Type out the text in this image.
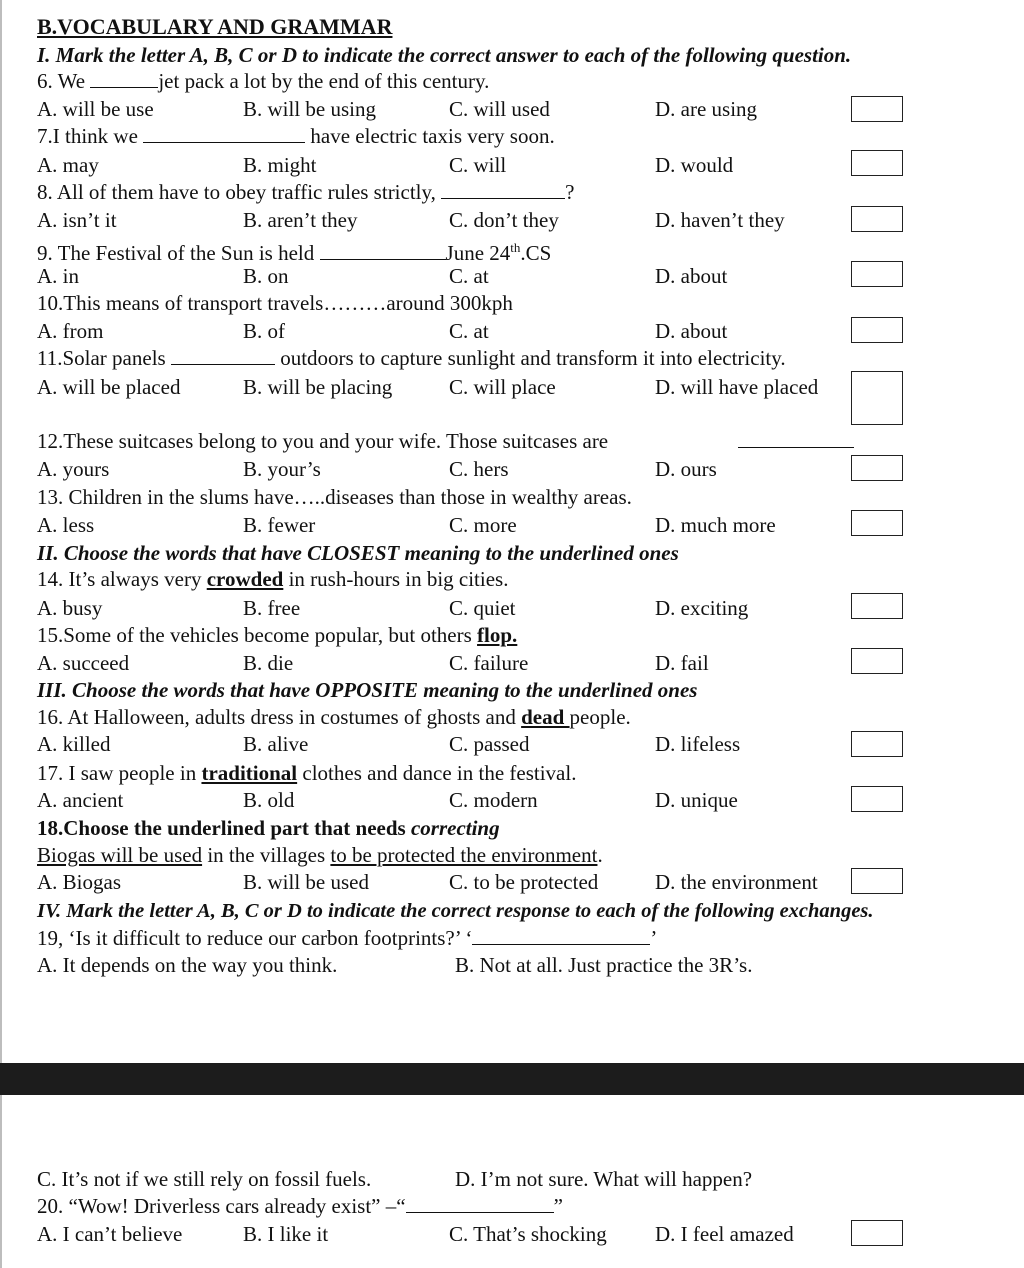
B.VOCABULARY AND GRAMMAR
I. Mark the letter A, B, C or D to indicate the correct answer to each of the following question.
6. We	jet pack a lot by the end of this century.
A. will be use	B. will be using	C. will used	D. are using
7.I think we	have electric taxis very soon.
A. may	B. might	C. will	D. would
8. All of them have to obey traffic rules strictly,	?
A. isn’t it	B. aren’t they	C. don’t they	D. haven’t they
9. The Festival of the Sun is held	June 24th.CS
A. in	B. on	C. at	D. about
10.This means of transport travels………around 300kph
A. from	B. of	C. at	D. about
11.Solar panels	outdoors to capture sunlight and transform it into electricity.
A. will be placed	B. will be placing	C. will place	D. will have placed
12.These suitcases belong to you and your wife. Those suitcases are
A. yours	B. your’s	C. hers	D. ours
13. Children in the slums have…..diseases than those in wealthy areas.
A. less	B. fewer	C. more	D. much more
II. Choose the words that have CLOSEST meaning to the underlined ones
14. It’s always very crowded in rush-hours in big cities.
A. busy	B. free	C. quiet	D. exciting
15.Some of the vehicles become popular, but others flop.
A. succeed	B. die	C. failure	D. fail
III. Choose the words that have OPPOSITE meaning to the underlined ones
16. At Halloween, adults dress in costumes of ghosts and dead people.
A. killed	B. alive	C. passed	D. lifeless
17. I saw people in traditional clothes and dance in the festival.
A. ancient	B. old	C. modern	D. unique
18.Choose the underlined part that needs correcting
Biogas will be used in the villages to be protected the environment.
A. Biogas	B. will be used	C. to be protected	D. the environment
IV. Mark the letter A, B, C or D to indicate the correct response to each of the following exchanges.
19, ‘Is it difficult to reduce our carbon footprints?’ ‘	’
A. It depends on the way you think.	B. Not at all. Just practice the 3R’s.
C. It’s not if we still rely on fossil fuels.	D. I’m not sure. What will happen?
20. “Wow! Driverless cars already exist” –“	”
A. I can’t believe	B. I like it	C. That’s shocking D. I feel amazed
